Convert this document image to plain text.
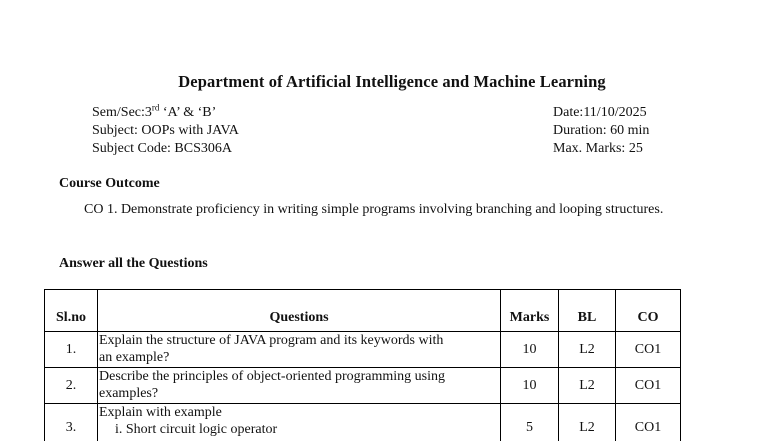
Department of Artificial Intelligence and Machine Learning
Sem/Sec:3rd ‘A’ & ‘B’
Subject: OOPs with JAVA
Subject Code: BCS306A
Date:11/10/2025
Duration: 60 min
Max. Marks: 25
Course Outcome
CO 1. Demonstrate proficiency in writing simple programs involving branching and looping structures.
Answer all the Questions
Sl.no	Questions	Marks	BL	CO
1.	Explain the structure of JAVA program and its keywords with
an example?	10	L2	CO1
2.	Describe the principles of object-oriented programming using
examples?	10	L2	CO1
3.	Explain with example
i. Short circuit logic operator	5	L2	CO1
